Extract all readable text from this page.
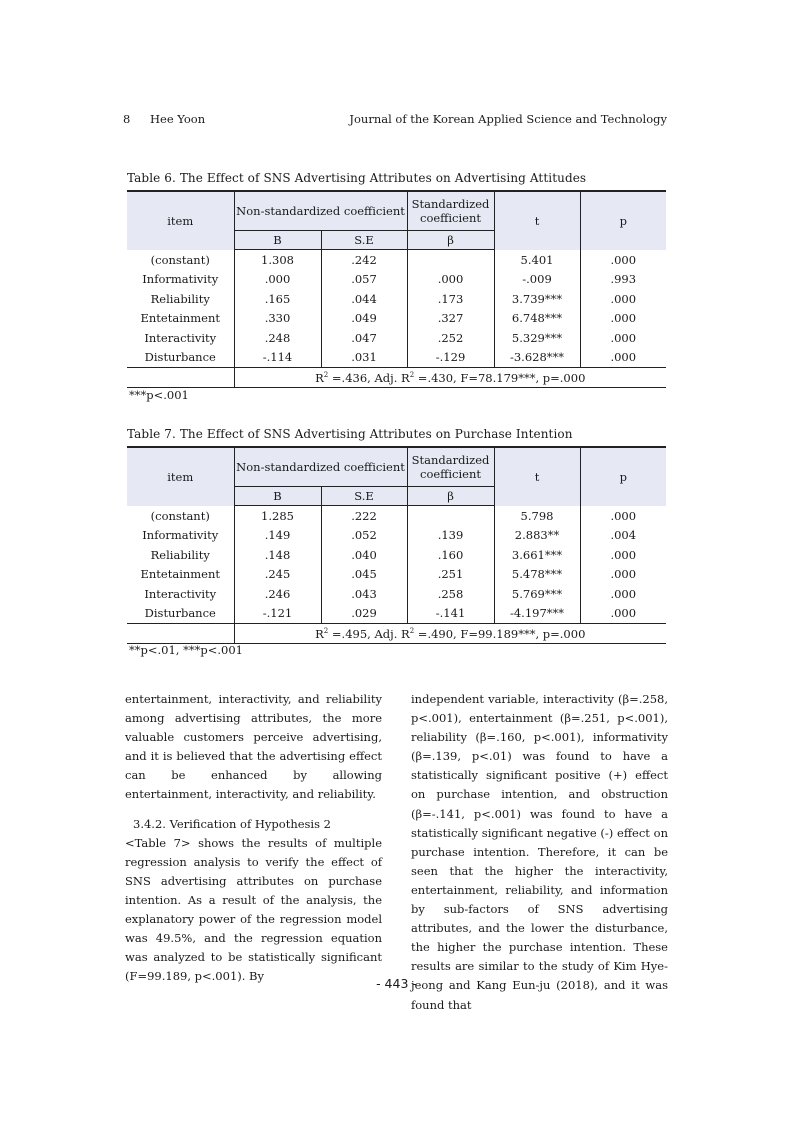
8 Hee Yoon	Journal of the Korean Applied Science and Technology
Table 6. The Effect of SNS Advertising Attributes on Advertising Attitudes
item	Non-standardized coefficient		Standardized coefficient	t	p
	B	S.E	β		
(constant)	1.308	.242		5.401	.000
Informativity	.000	.057	.000	-.009	.993
Reliability	.165	.044	.173	3.739***	.000
Entetainment	.330	.049	.327	6.748***	.000
Interactivity	.248	.047	.252	5.329***	.000
Disturbance	-.114	.031	-.129	-3.628***	.000
	$R^2 =.436$, Adj. $R^2 =.430$, F=78.179***, p=.000				
***p<.001
Table 7. The Effect of SNS Advertising Attributes on Purchase Intention
item	Non-standardized coefficient		Standardized coefficient	t	p
	B	S.E	β		
(constant)	1.285	.222		5.798	.000
Informativity	.149	.052	.139	2.883**	.004
Reliability	.148	.040	.160	3.661***	.000
Entetainment	.245	.045	.251	5.478***	.000
Interactivity	.246	.043	.258	5.769***	.000
Disturbance	-.121	.029	-.141	-4.197***	.000
	$R^2 =.495$, Adj. $R^2 =.490$, F=99.189***, p=.000				
**p<.01, ***p<.001

entertainment, interactivity, and reliability among advertising attributes, the more valuable customers perceive advertising, and it is believed that the advertising effect can be enhanced by allowing entertainment, interactivity, and reliability.

3.4.2. Verification of Hypothesis 2

<Table 7> shows the results of multiple regression analysis to verify the effect of SNS advertising attributes on purchase intention. As a result of the analysis, the explanatory power of the regression model was 49.5%, and the regression equation was analyzed to be statistically significant (F=99.189, p<.001). By

independent variable, interactivity (β=.258, p<.001), entertainment (β=.251, p<.001), reliability (β=.160, p<.001), informativity (β=.139, p<.01) was found to have a statistically significant positive (+) effect on purchase intention, and obstruction (β=-.141, p<.001) was found to have a statistically significant negative (-) effect on purchase intention. Therefore, it can be seen that the higher the interactivity, entertainment, reliability, and information by sub-factors of SNS advertising attributes, and the lower the disturbance, the higher the purchase intention. These results are similar to the study of Kim Hye-jeong and Kang Eun-ju (2018), and it was found that

- 443 -
